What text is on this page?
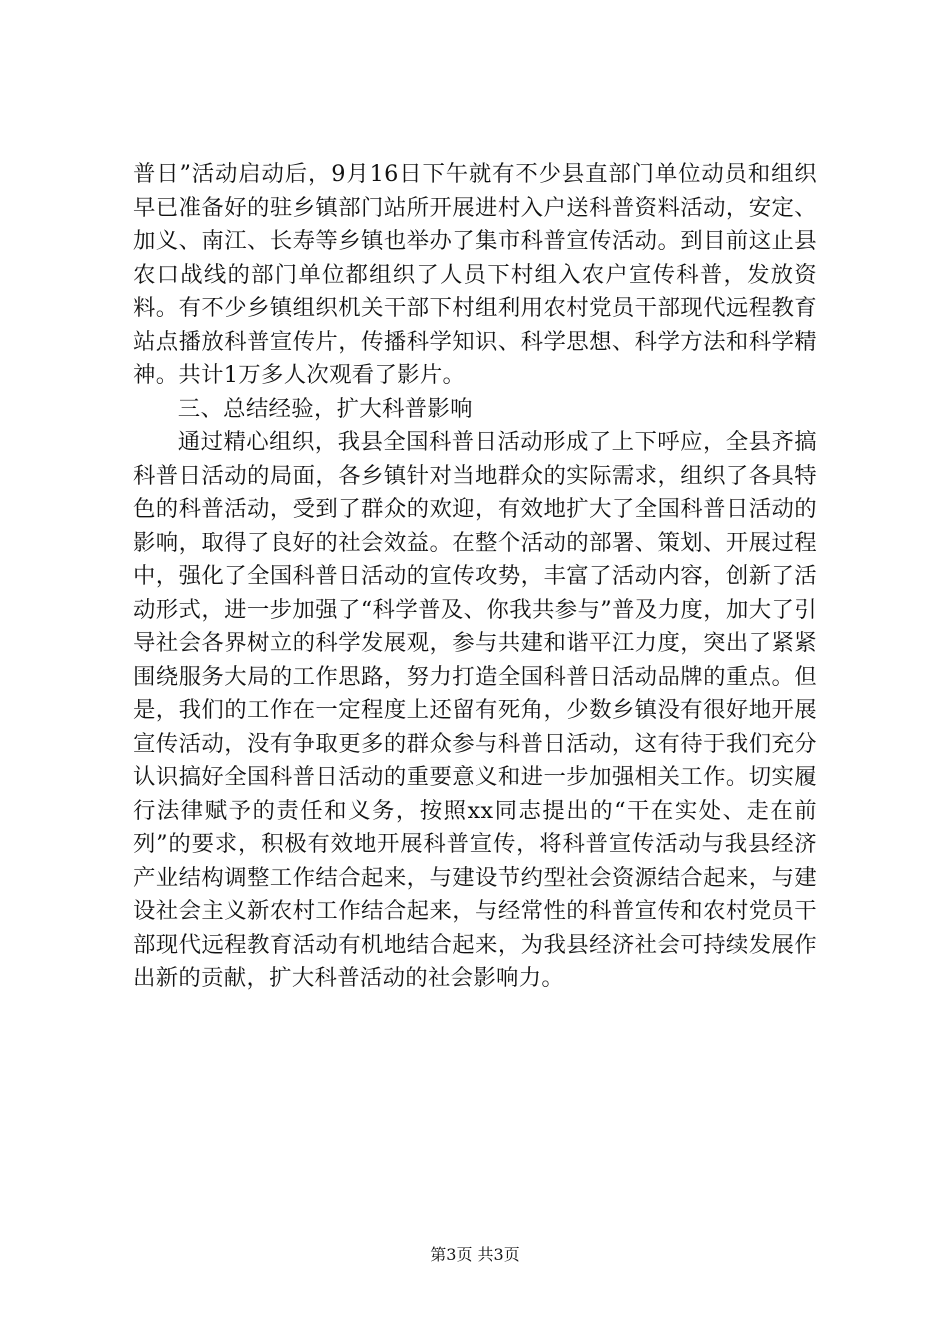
普日”活动启动后，9月16日下午就有不少县直部门单位动员和组织早已准备好的驻乡镇部门站所开展进村入户送科普资料活动，安定、加义、南江、长寿等乡镇也举办了集市科普宣传活动。到目前这止县农口战线的部门单位都组织了人员下村组入农户宣传科普，发放资料。有不少乡镇组织机关干部下村组利用农村党员干部现代远程教育站点播放科普宣传片，传播科学知识、科学思想、科学方法和科学精神。共计1万多人次观看了影片。

三、总结经验，扩大科普影响

通过精心组织，我县全国科普日活动形成了上下呼应，全县齐搞科普日活动的局面，各乡镇针对当地群众的实际需求，组织了各具特色的科普活动，受到了群众的欢迎，有效地扩大了全国科普日活动的影响，取得了良好的社会效益。在整个活动的部署、策划、开展过程中，强化了全国科普日活动的宣传攻势，丰富了活动内容，创新了活动形式，进一步加强了“科学普及、你我共参与”普及力度，加大了引导社会各界树立的科学发展观，参与共建和谐平江力度，突出了紧紧围绕服务大局的工作思路，努力打造全国科普日活动品牌的重点。但是，我们的工作在一定程度上还留有死角，少数乡镇没有很好地开展宣传活动，没有争取更多的群众参与科普日活动，这有待于我们充分认识搞好全国科普日活动的重要意义和进一步加强相关工作。切实履行法律赋予的责任和义务，按照xx同志提出的“干在实处、走在前列”的要求，积极有效地开展科普宣传，将科普宣传活动与我县经济产业结构调整工作结合起来，与建设节约型社会资源结合起来，与建设社会主义新农村工作结合起来，与经常性的科普宣传和农村党员干部现代远程教育活动有机地结合起来，为我县经济社会可持续发展作出新的贡献，扩大科普活动的社会影响力。

第3页 共3页
